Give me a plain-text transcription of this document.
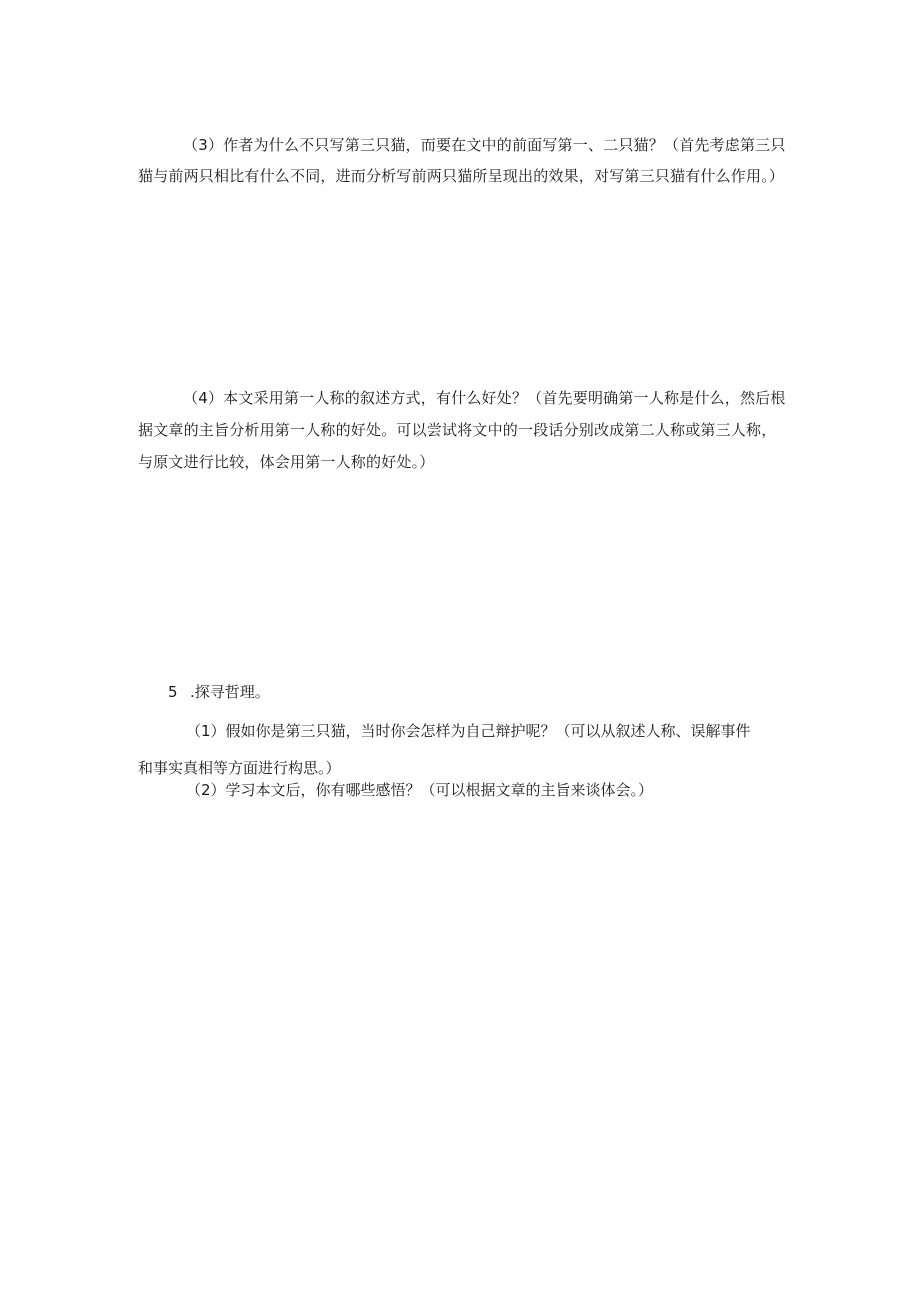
（3）作者为什么不只写第三只猫，而要在文中的前面写第一、二只猫？（首先考虑第三只猫与前两只相比有什么不同，进而分析写前两只猫所呈现出的效果，对写第三只猫有什么作用。）

（4）本文采用第一人称的叙述方式，有什么好处？（首先要明确第一人称是什么，然后根据文章的主旨分析用第一人称的好处。可以尝试将文中的一段话分别改成第二人称或第三人称，与原文进行比较，体会用第一人称的好处。）

5 .探寻哲理。
（1）假如你是第三只猫，当时你会怎样为自己辩护呢？（可以从叙述人称、误解事件
和事实真相等方面进行构思。）
（2）学习本文后，你有哪些感悟？（可以根据文章的主旨来谈体会。）
